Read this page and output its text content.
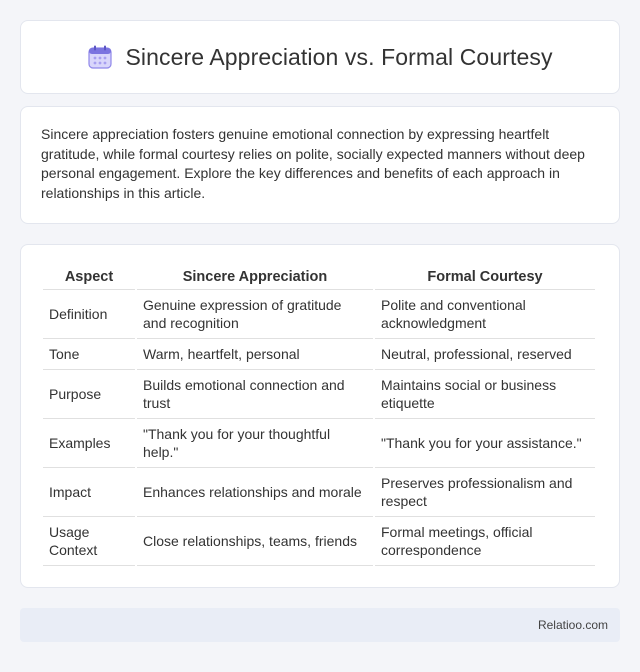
Sincere Appreciation vs. Formal Courtesy

Sincere appreciation fosters genuine emotional connection by expressing heartfelt gratitude, while formal courtesy relies on polite, socially expected manners without deep personal engagement. Explore the key differences and benefits of each approach in relationships in this article.

Aspect	Sincere Appreciation	Formal Courtesy
Definition	Genuine expression of gratitude and recognition	Polite and conventional acknowledgment
Tone	Warm, heartfelt, personal	Neutral, professional, reserved
Purpose	Builds emotional connection and trust	Maintains social or business etiquette
Examples	"Thank you for your thoughtful help."	"Thank you for your assistance."
Impact	Enhances relationships and morale	Preserves professionalism and respect
Usage Context	Close relationships, teams, friends	Formal meetings, official correspondence
Relatioo.com
